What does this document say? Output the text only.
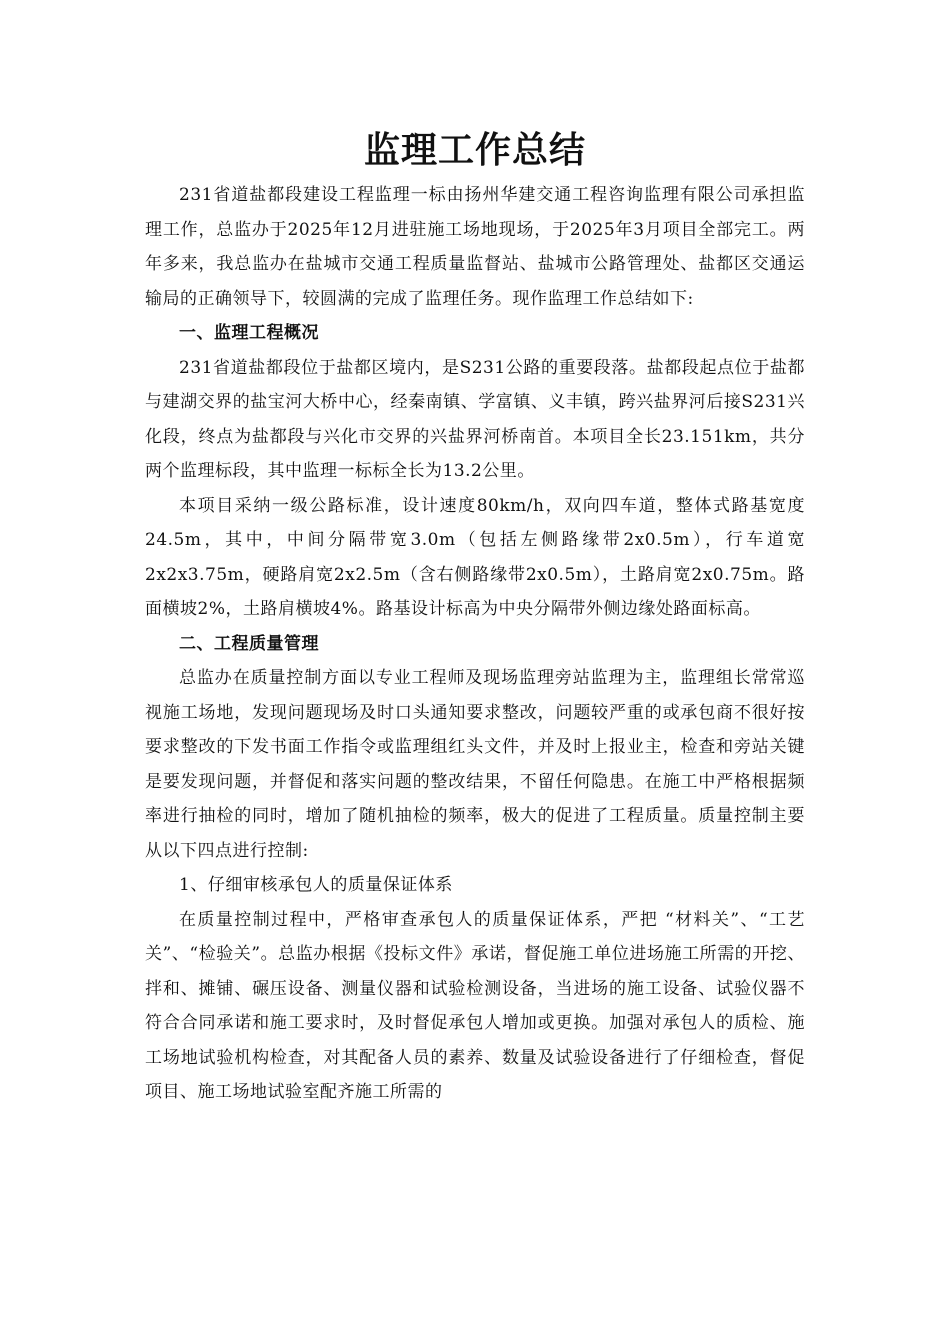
监理工作总结

231省道盐都段建设工程监理一标由扬州华建交通工程咨询监理有限公司承担监理工作，总监办于2025年12月进驻施工场地现场，于2025年3月项目全部完工。两年多来，我总监办在盐城市交通工程质量监督站、盐城市公路管理处、盐都区交通运输局的正确领导下，较圆满的完成了监理任务。现作监理工作总结如下:

一、监理工程概况

231省道盐都段位于盐都区境内，是S231公路的重要段落。盐都段起点位于盐都与建湖交界的盐宝河大桥中心，经秦南镇、学富镇、义丰镇，跨兴盐界河后接S231兴化段，终点为盐都段与兴化市交界的兴盐界河桥南首。本项目全长23.151km，共分两个监理标段，其中监理一标标全长为13.2公里。

本项目采纳一级公路标准，设计速度80km/h，双向四车道，整体式路基宽度24.5m，其中，中间分隔带宽3.0m（包括左侧路缘带2x0.5m），行车道宽2x2x3.75m，硬路肩宽2x2.5m（含右侧路缘带2x0.5m），土路肩宽2x0.75m。路面横坡2%，土路肩横坡4%。路基设计标高为中央分隔带外侧边缘处路面标高。

二、工程质量管理

总监办在质量控制方面以专业工程师及现场监理旁站监理为主，监理组长常常巡视施工场地，发现问题现场及时口头通知要求整改，问题较严重的或承包商不很好按要求整改的下发书面工作指令或监理组红头文件，并及时上报业主，检查和旁站关键是要发现问题，并督促和落实问题的整改结果，不留任何隐患。在施工中严格根据频率进行抽检的同时，增加了随机抽检的频率，极大的促进了工程质量。质量控制主要从以下四点进行控制:

1、仔细审核承包人的质量保证体系

在质量控制过程中，严格审查承包人的质量保证体系，严把 “材料关”、“工艺关”、“检验关”。总监办根据《投标文件》承诺，督促施工单位进场施工所需的开挖、拌和、摊铺、碾压设备、测量仪器和试验检测设备，当进场的施工设备、试验仪器不符合合同承诺和施工要求时，及时督促承包人增加或更换。加强对承包人的质检、施工场地试验机构检查，对其配备人员的素养、数量及试验设备进行了仔细检查，督促项目、施工场地试验室配齐施工所需的
